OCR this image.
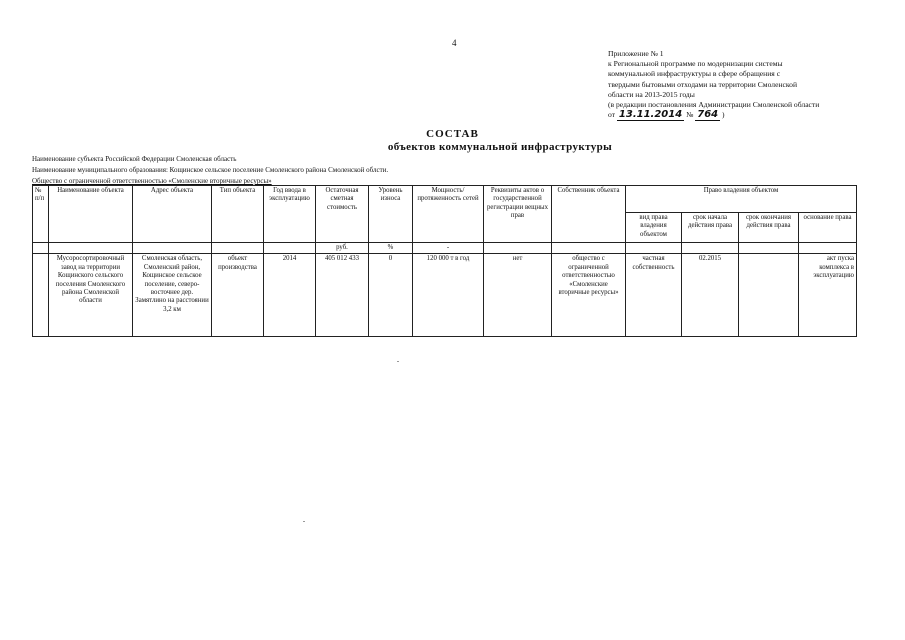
4
Приложение № 1
к Региональной программе по модернизации системы
коммунальной инфраструктуры в сфере обращения с
твердыми бытовыми отходами на территории Смоленской
области на 2013-2015 годы
(в редакции постановления Администрации Смоленской области
от 13.11.2014 № 764 )
СОСТАВ
объектов коммунальной инфраструктуры
Наименование субъекта Российской Федерации Смоленская область
Наименование муниципального образования: Кощинское сельское поселение Смоленского района Смоленской облсти.
Общество с ограниченной ответственностью «Смоленские вторичные ресурсы»
№ п/п	Наименование объекта	Адрес объекта	Тип объекта	Год ввода в эксплуатацию	Остаточная сметная стоимость	Уровень износа	Мощность/ протяженность сетей	Реквизиты актов о государственной регистрации вещных прав	Собственник объекта	Право владения объектом			
										вид права владения объектом	срок начала действия права	срок окончания действия права	основание права
					руб.	%	-						
	Мусоросортировочный завод на территории Кощинского сельского поселения Смоленского района Смоленской области	Смоленская область, Смоленский район, Кощинское сельское поселение, северо-восточнее дер. Замятлино на расстоянии 3,2 км	объект производства	2014	405 012 433	0	120 000 т в год	нет	общество с ограниченной ответственностью «Смоленские вторичные ресурсы»	частная собственность	02.2015		акт пуска комплекса в эксплуатацию
